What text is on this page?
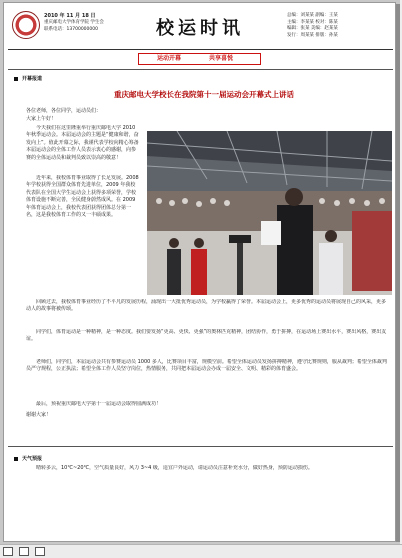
2010 年 11 月 18 日
重庆邮电大学体育学院 学生会
联系电话：13700000000	校运时讯
总编：刘某某 副编：王某
主编：李某某 校对：陈某
编辑：张某 美编：赵某某
发行：周某某 排版：孙某
运动开幕	共享喜悦
开幕报道
重庆邮电大学校长在我院第十一届运动会开幕式上讲话
各位老师，各位同学，运动员们：
大家上午好！
今天我们在这里隆重举行重庆邮电大学 2010 年秋季运动会。本届运动会的主题是“健康和谐，奋发向上”。值此开幕之际，我谨代表学校向精心筹备本届运动会的全体工作人员表示衷心的感谢，向参赛的全体运动员和裁判员致以崇高的敬意！
近年来，我校体育事业取得了长足发展。2008 年学校获得全国群众体育先进单位，2009 年我校代表队在全国大学生运动会上获得多项荣誉，学校体育设施不断完善，全民健身蔚然成风。在 2009 年体育运动会上，我校代表团获得团体总分第一名，这是我校体育工作的又一丰硕成果。
回顾过去，我校体育事业经历了不平凡的发展历程，涌现出一大批优秀运动员，为学校赢得了荣誉。本届运动会上，更多优秀的运动员将展现自己的风采，更多动人的故事将被传颂。
同学们，体育运动是一种精神，是一种态度。我们要发扬“更高、更快、更强”的奥林匹克精神，团结协作，勇于拼搏，在运动场上赛出水平，赛出风格，赛出友谊。
老师们，同学们，本届运动会共有参赛运动员 1000 多人，比赛项目丰富，规模空前。希望全体运动员发扬拼搏精神，遵守比赛规则，服从裁判；希望全体裁判员严守规程，公正执法；希望全体工作人员坚守岗位，热情服务，共同把本届运动会办成一届安全、文明、精彩的体育盛会。
最后，预祝重庆邮电大学第十一届运动会取得圆满成功！
谢谢大家！
天气预报
晴转多云，10℃~20℃，空气质量良好，风力 3~4 级，适宜户外运动，请运动员注意补充水分，做好热身，预防运动损伤。
